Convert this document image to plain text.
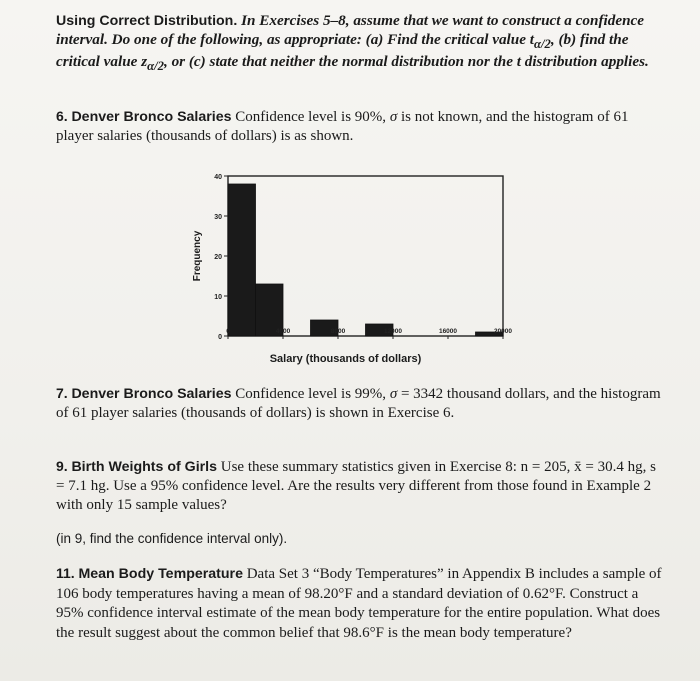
Using Correct Distribution. In Exercises 5–8, assume that we want to construct a confidence interval. Do one of the following, as appropriate: (a) Find the critical value $t_{\alpha/2}$, (b) find the critical value $z_{\alpha/2}$, or (c) state that neither the normal distribution nor the t distribution applies.
6. Denver Bronco Salaries Confidence level is 90%, σ is not known, and the histogram of 61 player salaries (thousands of dollars) is as shown.
0
10
20
30
40
0	4000	8000	12000	16000	20000
Salary (thousands of dollars)
Frequency
7. Denver Bronco Salaries Confidence level is 99%, σ = 3342 thousand dollars, and the histogram of 61 player salaries (thousands of dollars) is shown in Exercise 6.
9. Birth Weights of Girls Use these summary statistics given in Exercise 8: n = 205, x̄ = 30.4 hg, s = 7.1 hg. Use a 95% confidence level. Are the results very different from those found in Example 2 with only 15 sample values?
(in 9, find the confidence interval only).
11. Mean Body Temperature Data Set 3 “Body Temperatures” in Appendix B includes a sample of 106 body temperatures having a mean of 98.20°F and a standard deviation of 0.62°F. Construct a 95% confidence interval estimate of the mean body temperature for the entire population. What does the result suggest about the common belief that 98.6°F is the mean body temperature?
